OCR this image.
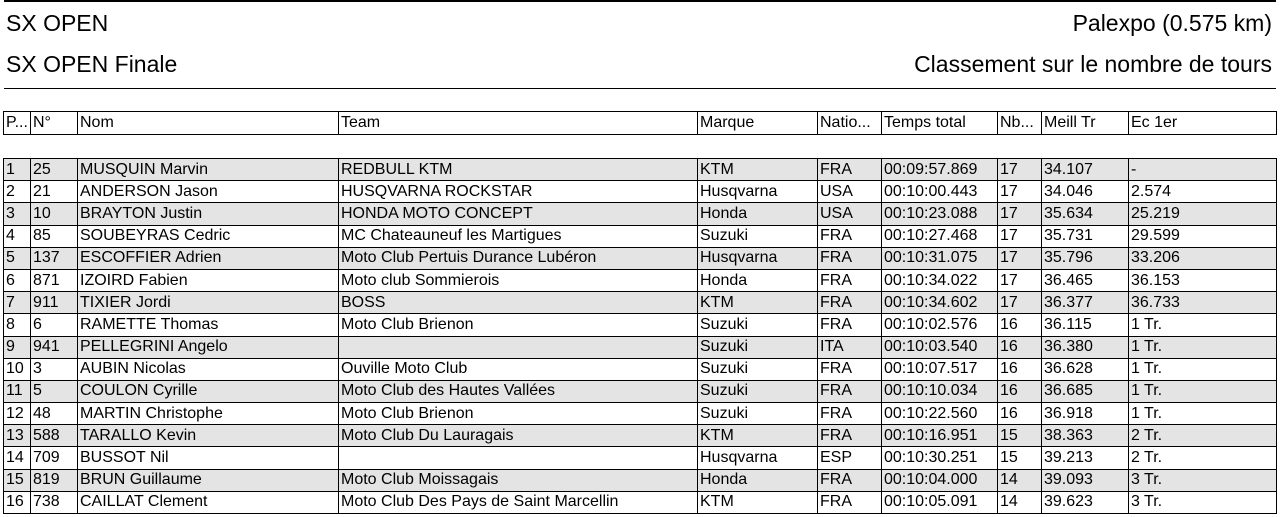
SX OPEN	Palexpo (0.575 km)
SX OPEN Finale	Classement sur le nombre de tours
P...	N°	Nom	Team	Marque	Natio...	Temps total	Nb...	Meill Tr	Ec 1er

1	25	MUSQUIN Marvin	REDBULL KTM	KTM	FRA	00:09:57.869	17	34.107	-
2	21	ANDERSON Jason	HUSQVARNA ROCKSTAR	Husqvarna	USA	00:10:00.443	17	34.046	2.574
3	10	BRAYTON Justin	HONDA MOTO CONCEPT	Honda	USA	00:10:23.088	17	35.634	25.219
4	85	SOUBEYRAS Cedric	MC Chateauneuf les Martigues	Suzuki	FRA	00:10:27.468	17	35.731	29.599
5	137	ESCOFFIER Adrien	Moto Club Pertuis Durance Lubéron	Husqvarna	FRA	00:10:31.075	17	35.796	33.206
6	871	IZOIRD Fabien	Moto club Sommierois	Honda	FRA	00:10:34.022	17	36.465	36.153
7	911	TIXIER Jordi	BOSS	KTM	FRA	00:10:34.602	17	36.377	36.733
8	6	RAMETTE Thomas	Moto Club Brienon	Suzuki	FRA	00:10:02.576	16	36.115	1 Tr.
9	941	PELLEGRINI Angelo		Suzuki	ITA	00:10:03.540	16	36.380	1 Tr.
10	3	AUBIN Nicolas	Ouville Moto Club	Suzuki	FRA	00:10:07.517	16	36.628	1 Tr.
11	5	COULON Cyrille	Moto Club des Hautes Vallées	Suzuki	FRA	00:10:10.034	16	36.685	1 Tr.
12	48	MARTIN Christophe	Moto Club Brienon	Suzuki	FRA	00:10:22.560	16	36.918	1 Tr.
13	588	TARALLO Kevin	Moto Club Du Lauragais	KTM	FRA	00:10:16.951	15	38.363	2 Tr.
14	709	BUSSOT Nil		Husqvarna	ESP	00:10:30.251	15	39.213	2 Tr.
15	819	BRUN Guillaume	Moto Club Moissagais	Honda	FRA	00:10:04.000	14	39.093	3 Tr.
16	738	CAILLAT Clement	Moto Club Des Pays de Saint Marcellin	KTM	FRA	00:10:05.091	14	39.623	3 Tr.
